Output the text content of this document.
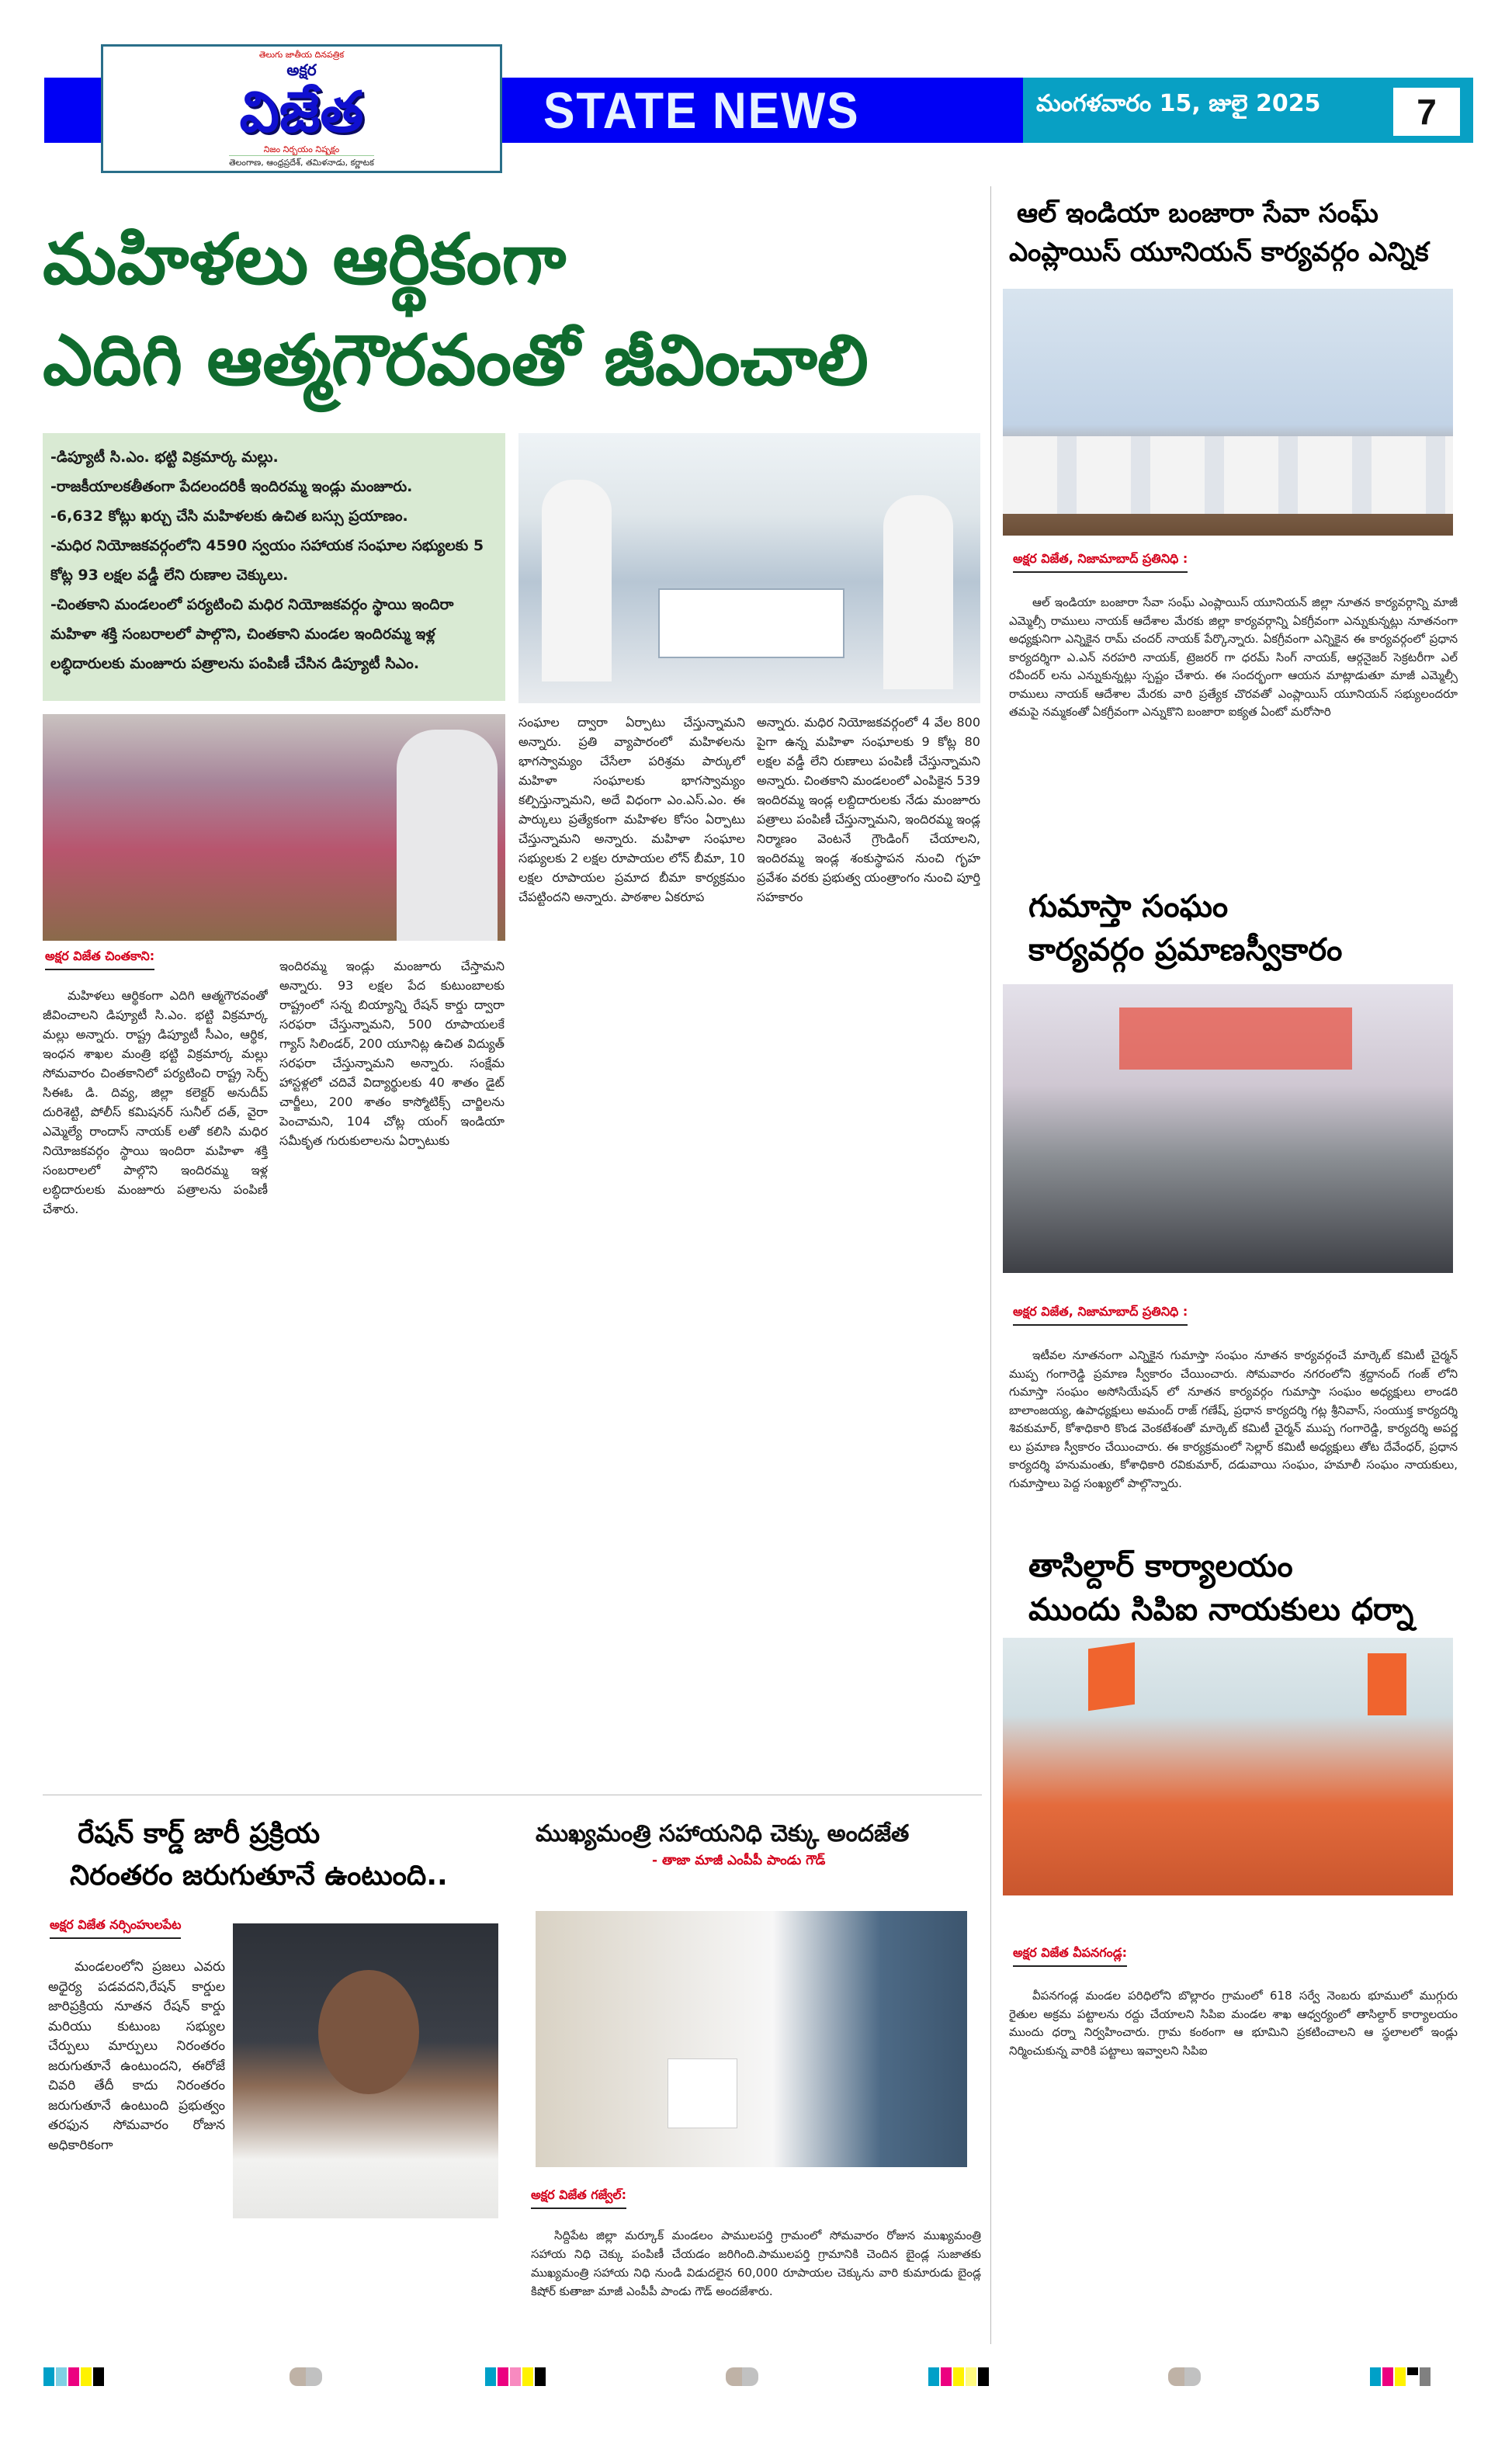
తెలుగు జాతీయ దినపత్రిక
అక్షర
విజేత
నిజం నిర్భయం నిష్పక్షం
తెలంగాణ, ఆంధ్రప్రదేశ్, తమిళనాడు, కర్ణాటక
STATE NEWS	మంగళవారం 15, జులై 2025	7
మహిళలు ఆర్థికంగా
ఎదిగి ఆత్మగౌరవంతో జీవించాలి
-డిప్యూటీ సి.ఎం. భట్టి విక్రమార్క మల్లు.
-రాజకీయాలకతీతంగా పేదలందరికీ ఇందిరమ్మ ఇండ్లు మంజూరు.
-6,632 కోట్లు ఖర్చు చేసి మహిళలకు ఉచిత బస్సు ప్రయాణం.
-మధిర నియోజకవర్గంలోని 4590 స్వయం సహాయక సంఘాల సభ్యులకు 5 కోట్ల 93 లక్షల వడ్డీ లేని రుణాల చెక్కులు.
-చింతకాని మండలంలో పర్యటించి మధిర నియోజకవర్గం స్థాయి ఇందిరా మహిళా శక్తి సంబరాలలో పాల్గొని, చింతకాని మండల ఇందిరమ్మ ఇళ్ల లబ్ధిదారులకు మంజూరు పత్రాలను పంపిణీ చేసిన డిప్యూటీ సిఎం.
అక్షర విజేత చింతకాని:

మహిళలు ఆర్థికంగా ఎదిగి ఆత్మగౌరవంతో జీవించాలని డిప్యూటీ సి.ఎం. భట్టి విక్రమార్క మల్లు అన్నారు. రాష్ట్ర డిప్యూటీ సీఎం, ఆర్థిక, ఇంధన శాఖల మంత్రి భట్టి విక్రమార్క మల్లు సోమవారం చింతకానిలో పర్యటించి రాష్ట్ర సెర్ప్ సిఈఓ డి. దివ్య, జిల్లా కలెక్టర్ అనుదీప్ దురిశెట్టి, పోలీస్ కమిషనర్ సునీల్ దత్, వైరా ఎమ్మెల్యే రాందాస్ నాయక్ లతో కలిసి మధిర నియోజకవర్గం స్థాయి ఇందిరా మహిళా శక్తి సంబరాలలో పాల్గొని ఇందిరమ్మ ఇళ్ల లబ్ధిదారులకు మంజూరు పత్రాలను పంపిణీ చేశారు.

ఇందిరమ్మ ఇండ్లు మంజూరు చేస్తామని అన్నారు. 93 లక్షల పేద కుటుంబాలకు రాష్ట్రంలో సన్న బియ్యాన్ని రేషన్ కార్డు ద్వారా సరఫరా చేస్తున్నామని, 500 రూపాయలకే గ్యాస్ సిలిండర్, 200 యూనిట్ల ఉచిత విద్యుత్ సరఫరా చేస్తున్నామని అన్నారు. సంక్షేమ హాస్టళ్లలో చదివే విద్యార్థులకు 40 శాతం డైట్ చార్జీలు, 200 శాతం కాస్మోటిక్స్ చార్జిలను పెంచామని, 104 చోట్ల యంగ్ ఇండియా సమీకృత గురుకులాలను ఏర్పాటుకు

సంఘాల ద్వారా ఏర్పాటు చేస్తున్నామని అన్నారు. ప్రతి వ్యాపారంలో మహిళలను భాగస్వామ్యం చేసేలా పరిశ్రమ పార్కులో మహిళా సంఘాలకు భాగస్వామ్యం కల్పిస్తున్నామని, అదే విధంగా ఎం.ఎస్.ఎం. ఈ పార్కులు ప్రత్యేకంగా మహిళల కోసం ఏర్పాటు చేస్తున్నామని అన్నారు. మహిళా సంఘాల సభ్యులకు 2 లక్షల రూపాయల లోన్ బీమా, 10 లక్షల రూపాయల ప్రమాద బీమా కార్యక్రమం చేపట్టిందని అన్నారు. పాఠశాల ఏకరూప

అన్నారు. మధిర నియోజకవర్గంలో 4 వేల 800 పైగా ఉన్న మహిళా సంఘాలకు 9 కోట్ల 80 లక్షల వడ్డీ లేని రుణాలు పంపిణీ చేస్తున్నామని అన్నారు. చింతకాని మండలంలో ఎంపికైన 539 ఇందిరమ్మ ఇండ్ల లబ్దిదారులకు నేడు మంజూరు పత్రాలు పంపిణీ చేస్తున్నామని, ఇందిరమ్మ ఇండ్ల నిర్మాణం వెంటనే గ్రౌండింగ్ చేయాలని, ఇందిరమ్మ ఇండ్ల శంకుస్థాపన నుంచి గృహ ప్రవేశం వరకు ప్రభుత్వ యంత్రాంగం నుంచి పూర్తి సహకారం

ఆల్ ఇండియా బంజారా సేవా సంఘ్
ఎంప్లాయిస్ యూనియన్ కార్యవర్గం ఎన్నిక
అక్షర విజేత, నిజామాబాద్ ప్రతినిధి :

ఆల్ ఇండియా బంజారా సేవా సంఘ్ ఎంప్లాయిస్ యూనియన్ జిల్లా నూతన కార్యవర్గాన్ని మాజీ ఎమ్మెల్సీ రాములు నాయక్ ఆదేశాల మేరకు జిల్లా కార్యవర్గాన్ని ఏకగ్రీవంగా ఎన్నుకున్నట్లు నూతనంగా అధ్యక్షునిగా ఎన్నికైన రామ్ చందర్ నాయక్ పేర్కొన్నారు. ఏకగ్రీవంగా ఎన్నికైన ఈ కార్యవర్గంలో ప్రధాన కార్యదర్శిగా ఎ.ఎన్ నరహరి నాయక్, ట్రెజరర్ గా ధరమ్ సింగ్ నాయక్, ఆర్గనైజర్ సెక్రటరీగా ఎల్ రవీందర్ లను ఎన్నుకున్నట్లు స్పష్టం చేశారు. ఈ సందర్భంగా ఆయన మాట్లాడుతూ మాజీ ఎమ్మెల్సీ రాములు నాయక్ ఆదేశాల మేరకు వారి ప్రత్యేక చొరవతో ఎంప్లాయిస్ యూనియన్ సభ్యులందరూ తమపై నమ్మకంతో ఏకగ్రీవంగా ఎన్నుకొని బంజారా ఐక్యత ఏంటో మరోసారి

గుమాస్తా సంఘం
కార్యవర్గం ప్రమాణస్వీకారం
అక్షర విజేత, నిజామాబాద్ ప్రతినిధి :

ఇటీవల నూతనంగా ఎన్నికైన గుమాస్తా సంఘం నూతన కార్యవర్గంచే మార్కెట్ కమిటీ చైర్మన్ ముప్ప గంగారెడ్డి ప్రమాణ స్వీకారం చేయించారు. సోమవారం నగరంలోని శ్రద్దానంద్ గంజ్ లోని గుమాస్తా సంఘం అసోసియేషన్ లో నూతన కార్యవర్గం గుమాస్తా సంఘం అధ్యక్షులు లాండరి బాలాంజయ్య, ఉపాధ్యక్షులు అమంద్ రాజ్ గణేష్, ప్రధాన కార్యదర్శి గట్ల శ్రీనివాస్, సంయుక్త కార్యదర్శి శివకుమార్, కోశాధికారి కొండ వెంకటేశంతో మార్కెట్ కమిటీ చైర్మన్ ముప్ప గంగారెడ్డి, కార్యదర్శి అపర్ణ లు ప్రమాణ స్వీకారం చేయించారు. ఈ కార్యక్రమంలో సెల్లార్ కమిటీ అధ్యక్షులు తోట దేవేంధర్, ప్రధాన కార్యదర్శి హనుమంతు, కోశాధికారి రవికుమార్, దడువాయి సంఘం, హమాలీ సంఘం నాయకులు, గుమాస్తాలు పెద్ద సంఖ్యలో పాల్గొన్నారు.

తాసిల్దార్ కార్యాలయం
ముందు సిపిఐ నాయకులు ధర్నా
అక్షర విజేత వీపనగండ్ల:

వీపనగండ్ల మండల పరిధిలోని బొల్లారం గ్రామంలో 618 సర్వే నెంబరు భూములో ముగ్గురు రైతుల అక్రమ పట్టాలను రద్దు చేయాలని సిపిఐ మండల శాఖ ఆధ్వర్యంలో తాసిల్దార్ కార్యాలయం ముందు ధర్నా నిర్వహించారు. గ్రామ కంఠంగా ఆ భూమిని ప్రకటించాలని ఆ స్థలాలలో ఇండ్లు నిర్మించుకున్న వారికి పట్టాలు ఇవ్వాలని సిపిఐ

రేషన్ కార్డ్ జారీ ప్రక్రియ
నిరంతరం జరుగుతూనే ఉంటుంది..
అక్షర విజేత నర్సింహులపేట

మండలంలోని ప్రజలు ఎవరు అధైర్య పడవదని,రేషన్ కార్డుల జారిప్రక్రియ నూతన రేషన్ కార్డు మరియు కుటుంబ సభ్యుల చేర్పులు మార్పులు నిరంతరం జరుగుతూనే ఉంటుందని, ఈరోజే చివరి తేదీ కాదు నిరంతరం జరుగుతూనే ఉంటుంది ప్రభుత్వం తరఫున సోమవారం రోజున అధికారికంగా

ముఖ్యమంత్రి సహాయనిధి చెక్కు అందజేత
- తాజా మాజీ ఎంపీపీ పాండు గౌడ్
అక్షర విజేత గజ్వేల్:

సిద్దిపేట జిల్లా మర్కూక్ మండలం పాములపర్తి గ్రామంలో సోమవారం రోజున ముఖ్యమంత్రి సహాయ నిధి చెక్కు పంపిణీ చేయడం జరిగింది.పాములపర్తి గ్రామానికి చెందిన బైండ్ల సుజాతకు ముఖ్యమంత్రి సహాయ నిధి నుండి విడుదలైన 60,000 రూపాయల చెక్కును వారి కుమారుడు బైండ్ల కిషోర్ కుతాజా మాజీ ఎంపీపీ పాండు గౌడ్ అందజేశారు.
